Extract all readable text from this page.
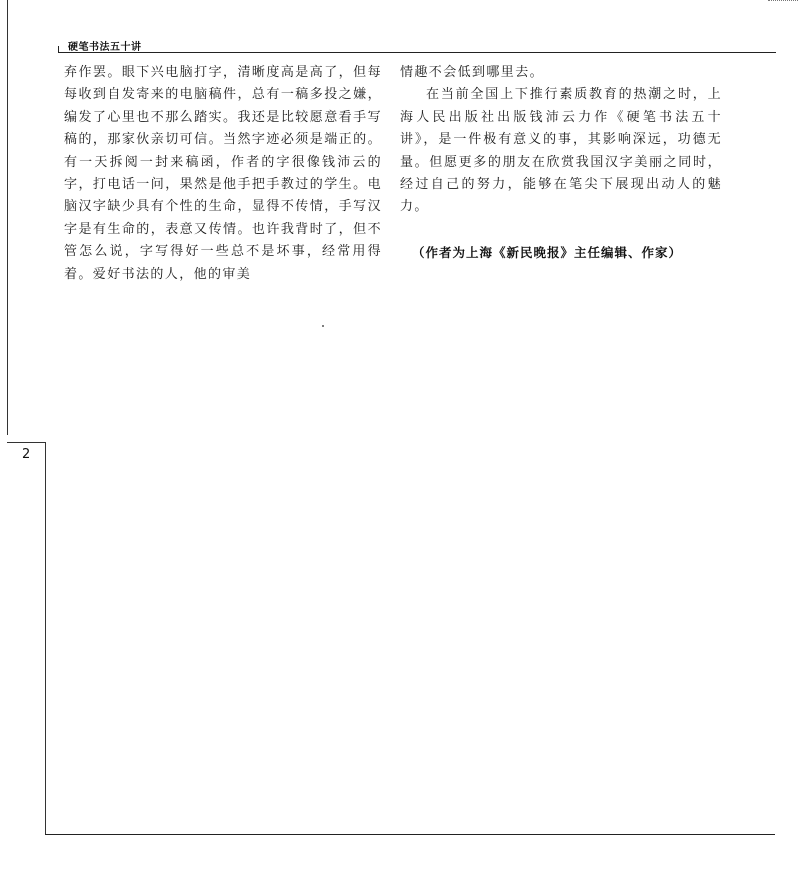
2
硬笔书法五十讲

弃作罢。眼下兴电脑打字，清晰度高是高了，但每每收到自发寄来的电脑稿件，总有一稿多投之嫌，编发了心里也不那么踏实。我还是比较愿意看手写稿的，那家伙亲切可信。当然字迹必须是端正的。有一天拆阅一封来稿函，作者的字很像钱沛云的字，打电话一问，果然是他手把手教过的学生。电脑汉字缺少具有个性的生命，显得不传情，手写汉字是有生命的，表意又传情。也许我背时了，但不管怎么说，字写得好一些总不是坏事，经常用得着。爱好书法的人，他的审美

情趣不会低到哪里去。

在当前全国上下推行素质教育的热潮之时，上海人民出版社出版钱沛云力作《硬笔书法五十讲》，是一件极有意义的事，其影响深远，功德无量。但愿更多的朋友在欣赏我国汉字美丽之同时，经过自己的努力，能够在笔尖下展现出动人的魅力。

（作者为上海《新民晚报》主任编辑、作家）
